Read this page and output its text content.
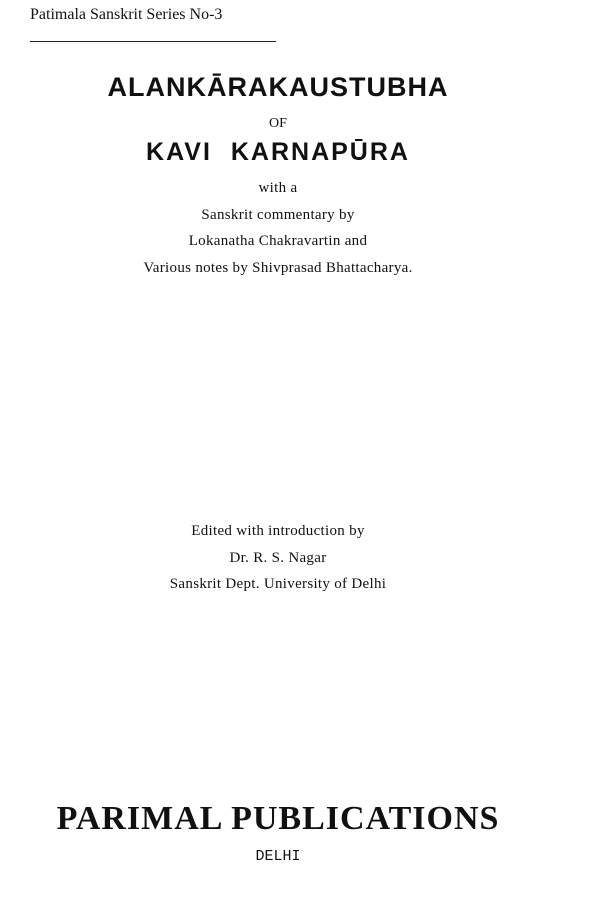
Patimala Sanskrit Series No-3
ALANKĀRAKAUSTUBHA
OF
KAVI KARNAPŪRA
with a
Sanskrit commentary by
Lokanatha Chakravartin and
Various notes by Shivprasad Bhattacharya.
Edited with introduction by
Dr. R. S. Nagar
Sanskrit Dept. University of Delhi
PARIMAL PUBLICATIONS
DELHI
